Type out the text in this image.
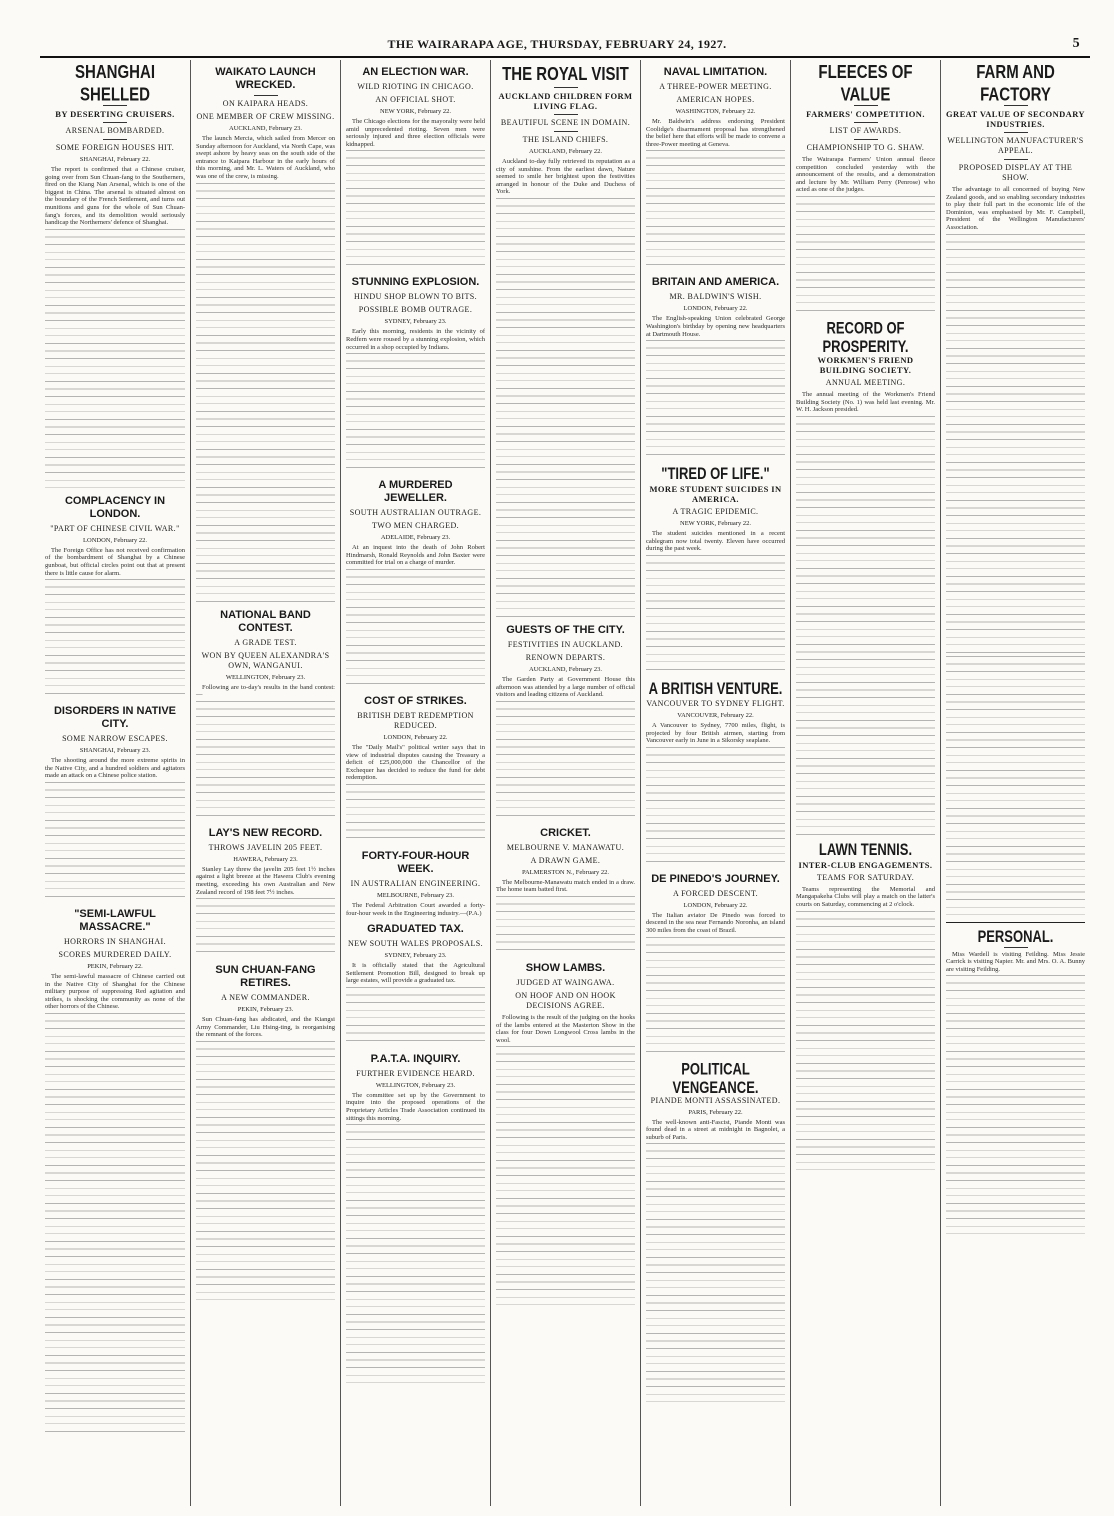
THE WAIRARAPA AGE, THURSDAY, FEBRUARY 24, 1927.	5
SHANGHAI SHELLED
BY DESERTING CRUISERS.
ARSENAL BOMBARDED.
SOME FOREIGN HOUSES HIT.
SHANGHAI, February 22.

The report is confirmed that a Chinese cruiser, going over from Sun Chuan-fang to the Southerners, fired on the Kiang Nan Arsenal, which is one of the biggest in China. The arsenal is situated almost on the boundary of the French Settlement, and turns out munitions and guns for the whole of Sun Chuan-fang's forces, and its demolition would seriously handicap the Northerners' defence of Shanghai.

COMPLACENCY IN LONDON.
"PART OF CHINESE CIVIL WAR."
LONDON, February 22.

The Foreign Office has not received confirmation of the bombardment of Shanghai by a Chinese gunboat, but official circles point out that at present there is little cause for alarm.

DISORDERS IN NATIVE CITY.
SOME NARROW ESCAPES.
SHANGHAI, February 23.

The shooting around the more extreme spirits in the Native City, and a hundred soldiers and agitators made an attack on a Chinese police station.

"SEMI-LAWFUL MASSACRE."
HORRORS IN SHANGHAI.
SCORES MURDERED DAILY.
PEKIN, February 22.

The semi-lawful massacre of Chinese carried out in the Native City of Shanghai for the Chinese military purpose of suppressing Red agitation and strikes, is shocking the community as none of the other horrors of the Chinese.

WAIKATO LAUNCH WRECKED.
ON KAIPARA HEADS.
ONE MEMBER OF CREW MISSING.
AUCKLAND, February 23.

The launch Mercia, which sailed from Mercer on Sunday afternoon for Auckland, via North Cape, was swept ashore by heavy seas on the south side of the entrance to Kaipara Harbour in the early hours of this morning, and Mr. L. Waters of Auckland, who was one of the crew, is missing.

NATIONAL BAND CONTEST.
A GRADE TEST.
WON BY QUEEN ALEXANDRA'S OWN, WANGANUI.
WELLINGTON, February 23.

Following are to-day's results in the band contest:—

LAY'S NEW RECORD.
THROWS JAVELIN 205 FEET.
HAWERA, February 23.

Stanley Lay threw the javelin 205 feet 1½ inches against a light breeze at the Hawera Club's evening meeting, exceeding his own Australian and New Zealand record of 198 feet 7½ inches.

SUN CHUAN-FANG RETIRES.
A NEW COMMANDER.
PEKIN, February 23.

Sun Chuan-fang has abdicated, and the Kiangsi Army Commander, Liu Hsing-ting, is reorganising the remnant of the forces.

AN ELECTION WAR.
WILD RIOTING IN CHICAGO.
AN OFFICIAL SHOT.
NEW YORK, February 22.

The Chicago elections for the mayoralty were held amid unprecedented rioting. Seven men were seriously injured and three election officials were kidnapped.

STUNNING EXPLOSION.
HINDU SHOP BLOWN TO BITS.
POSSIBLE BOMB OUTRAGE.
SYDNEY, February 23.

Early this morning, residents in the vicinity of Redfern were roused by a stunning explosion, which occurred in a shop occupied by Indians.

A MURDERED JEWELLER.
SOUTH AUSTRALIAN OUTRAGE.
TWO MEN CHARGED.
ADELAIDE, February 23.

At an inquest into the death of John Robert Hindmarsh, Ronald Reynolds and John Baxter were committed for trial on a charge of murder.

COST OF STRIKES.
BRITISH DEBT REDEMPTION REDUCED.
LONDON, February 22.

The "Daily Mail's" political writer says that in view of industrial disputes causing the Treasury a deficit of £25,000,000 the Chancellor of the Exchequer has decided to reduce the fund for debt redemption.

FORTY-FOUR-HOUR WEEK.
IN AUSTRALIAN ENGINEERING.
MELBOURNE, February 23.

The Federal Arbitration Court awarded a forty-four-hour week in the Engineering industry.—(P.A.)

GRADUATED TAX.
NEW SOUTH WALES PROPOSALS.
SYDNEY, February 23.

It is officially stated that the Agricultural Settlement Promotion Bill, designed to break up large estates, will provide a graduated tax.

P.A.T.A. INQUIRY.
FURTHER EVIDENCE HEARD.
WELLINGTON, February 23.

The committee set up by the Government to inquire into the proposed operations of the Proprietary Articles Trade Association continued its sittings this morning.

THE ROYAL VISIT
AUCKLAND CHILDREN FORM LIVING FLAG.
BEAUTIFUL SCENE IN DOMAIN.
THE ISLAND CHIEFS.
AUCKLAND, February 22.

Auckland to-day fully retrieved its reputation as a city of sunshine. From the earliest dawn, Nature seemed to smile her brightest upon the festivities arranged in honour of the Duke and Duchess of York.

GUESTS OF THE CITY.
FESTIVITIES IN AUCKLAND.
RENOWN DEPARTS.
AUCKLAND, February 23.

The Garden Party at Government House this afternoon was attended by a large number of official visitors and leading citizens of Auckland.

CRICKET.
MELBOURNE V. MANAWATU.
A DRAWN GAME.
PALMERSTON N., February 22.

The Melbourne-Manawatu match ended in a draw. The home team batted first.

SHOW LAMBS.
JUDGED AT WAINGAWA.
ON HOOF AND ON HOOK DECISIONS AGREE.

Following is the result of the judging on the hooks of the lambs entered at the Masterton Show in the class for four Down Longwool Cross lambs in the wool.

NAVAL LIMITATION.
A THREE-POWER MEETING.
AMERICAN HOPES.
WASHINGTON, February 22.

Mr. Baldwin's address endorsing President Coolidge's disarmament proposal has strengthened the belief here that efforts will be made to convene a three-Power meeting at Geneva.

BRITAIN AND AMERICA.
MR. BALDWIN'S WISH.
LONDON, February 22.

The English-speaking Union celebrated George Washington's birthday by opening new headquarters at Dartmouth House.

"TIRED OF LIFE."
MORE STUDENT SUICIDES IN AMERICA.
A TRAGIC EPIDEMIC.
NEW YORK, February 22.

The student suicides mentioned in a recent cablegram now total twenty. Eleven have occurred during the past week.

A BRITISH VENTURE.
VANCOUVER TO SYDNEY FLIGHT.
VANCOUVER, February 22.

A Vancouver to Sydney, 7700 miles, flight, is projected by four British airmen, starting from Vancouver early in June in a Sikorsky seaplane.

DE PINEDO'S JOURNEY.
A FORCED DESCENT.
LONDON, February 22.

The Italian aviator De Pinedo was forced to descend in the sea near Fernando Noronha, an island 300 miles from the coast of Brazil.

POLITICAL VENGEANCE.
PIANDE MONTI ASSASSINATED.
PARIS, February 22.

The well-known anti-Fascist, Piande Monti was found dead in a street at midnight in Bagnolet, a suburb of Paris.

FLEECES OF VALUE
FARMERS' COMPETITION.
LIST OF AWARDS.
CHAMPIONSHIP TO G. SHAW.

The Wairarapa Farmers' Union annual fleece competition concluded yesterday with the announcement of the results, and a demonstration and lecture by Mr. William Perry (Penrose) who acted as one of the judges.

RECORD OF PROSPERITY.
WORKMEN'S FRIEND BUILDING SOCIETY.
ANNUAL MEETING.

The annual meeting of the Workmen's Friend Building Society (No. 1) was held last evening. Mr. W. H. Jackson presided.

LAWN TENNIS.
INTER-CLUB ENGAGEMENTS.
TEAMS FOR SATURDAY.

Teams representing the Memorial and Mangapakeha Clubs will play a match on the latter's courts on Saturday, commencing at 2 o'clock.

FARM AND FACTORY
GREAT VALUE OF SECONDARY INDUSTRIES.
WELLINGTON MANUFACTURER'S APPEAL.
PROPOSED DISPLAY AT THE SHOW.

The advantage to all concerned of buying New Zealand goods, and so enabling secondary industries to play their full part in the economic life of the Dominion, was emphasised by Mr. F. Campbell, President of the Wellington Manufacturers' Association.

PERSONAL.

Miss Wardell is visiting Feilding. Miss Jessie Carrick is visiting Napier. Mr. and Mrs. O. A. Bunny are visiting Feilding.
